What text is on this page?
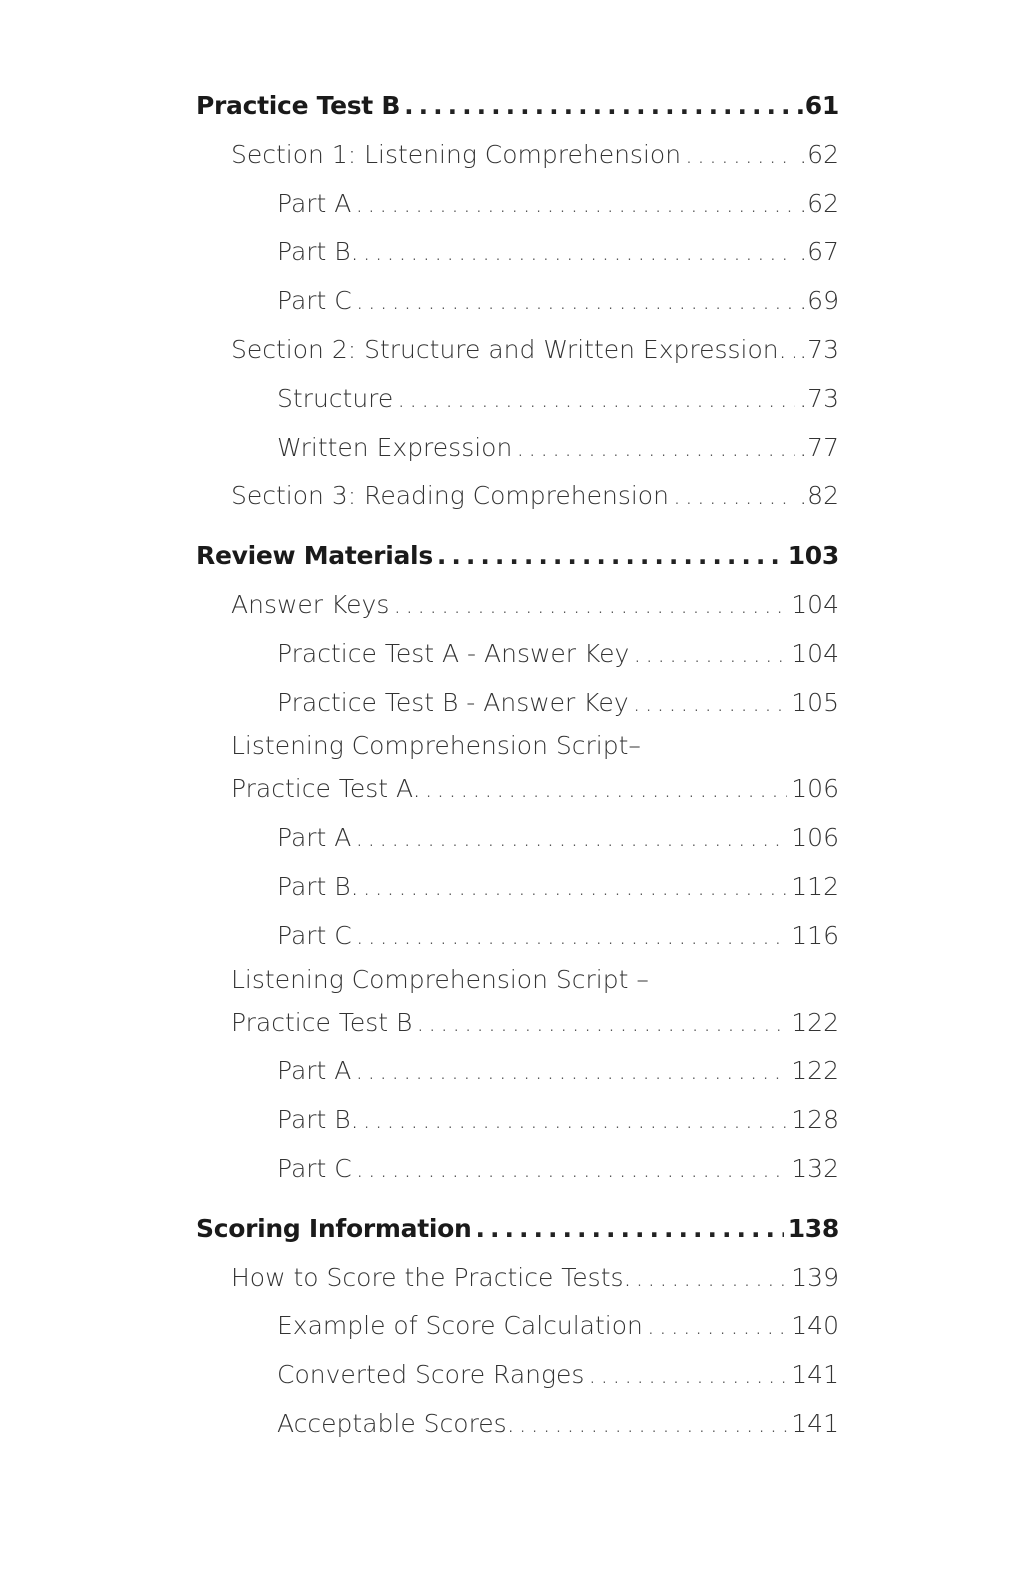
Practice Test B .....	.61
Section 1: Listening Comprehension .....	.62
Part A .....	.62
Part B. .....	.67
Part C .....	.69
Section 2: Structure and Written Expression. ..... .73
Structure .....	.73
Written Expression .....	.77
Section 3: Reading Comprehension .....	.82
Review Materials .....	103
Answer Keys .....	104
Practice Test A - Answer Key .....	104
Practice Test B - Answer Key .....	105
Listening Comprehension Script–
Practice Test A. .....	106
Part A .....	106
Part B. .....	112
Part C .....	116
Listening Comprehension Script –
Practice Test B .....	122
Part A .....	122
Part B. .....	128
Part C .....	132
Scoring Information .....	138
How to Score the Practice Tests. .....	139
Example of Score Calculation .....	140
Converted Score Ranges .....	141
Acceptable Scores. .....	141
